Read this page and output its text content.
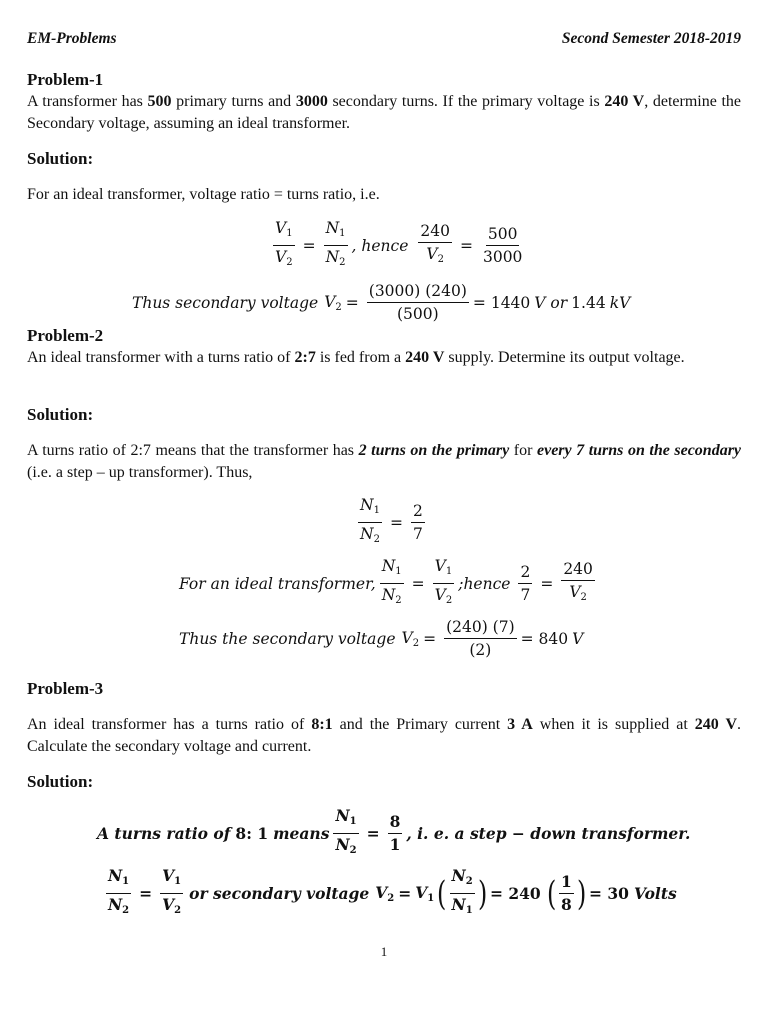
EM-Problems	Second Semester 2018-2019
Problem-1
A transformer has 500 primary turns and 3000 secondary turns. If the primary voltage is 240 V, determine the Secondary voltage, assuming an ideal transformer.
Solution:
For an ideal transformer, voltage ratio = turns ratio, i.e.
$\frac{V_1}{V_2} = \frac{N_1}{N_2}$ , hence $\frac{240}{V_2} = \frac{500}{3000}$
Thus secondary voltage $V_2 = \frac{(3000) (240)}{(500)} = 1440$ V or 1.44 kV
Problem-2
An ideal transformer with a turns ratio of 2:7 is fed from a 240 V supply. Determine its output voltage.
Solution:
A turns ratio of 2:7 means that the transformer has 2 turns on the primary for every 7 turns on the secondary (i.e. a step – up transformer). Thus,
$\frac{N_1}{N_2} = \frac{2}{7}$
For an ideal transformer, $\frac{N_1}{N_2} = \frac{V_1}{V_2}$ ;hence $\frac{2}{7} = \frac{240}{V_2}$
Thus the secondary voltage $V_2 = \frac{(240) (7)}{(2)} = 840$ V
Problem-3
An ideal transformer has a turns ratio of 8:1 and the Primary current 3 A when it is supplied at 240 V. Calculate the secondary voltage and current.
Solution:
A turns ratio of 8: 1 means $\frac{N_1}{N_2} = \frac{8}{1}$ , i. e. a step − down transformer.
$\frac{N_1}{N_2} = \frac{V_1}{V_2}$ or secondary voltage $V_2 = V_1$ ( $\frac{N_2}{N_1}$ ) = 240 ( $\frac{1}{8}$ ) = 30 Volts
1
